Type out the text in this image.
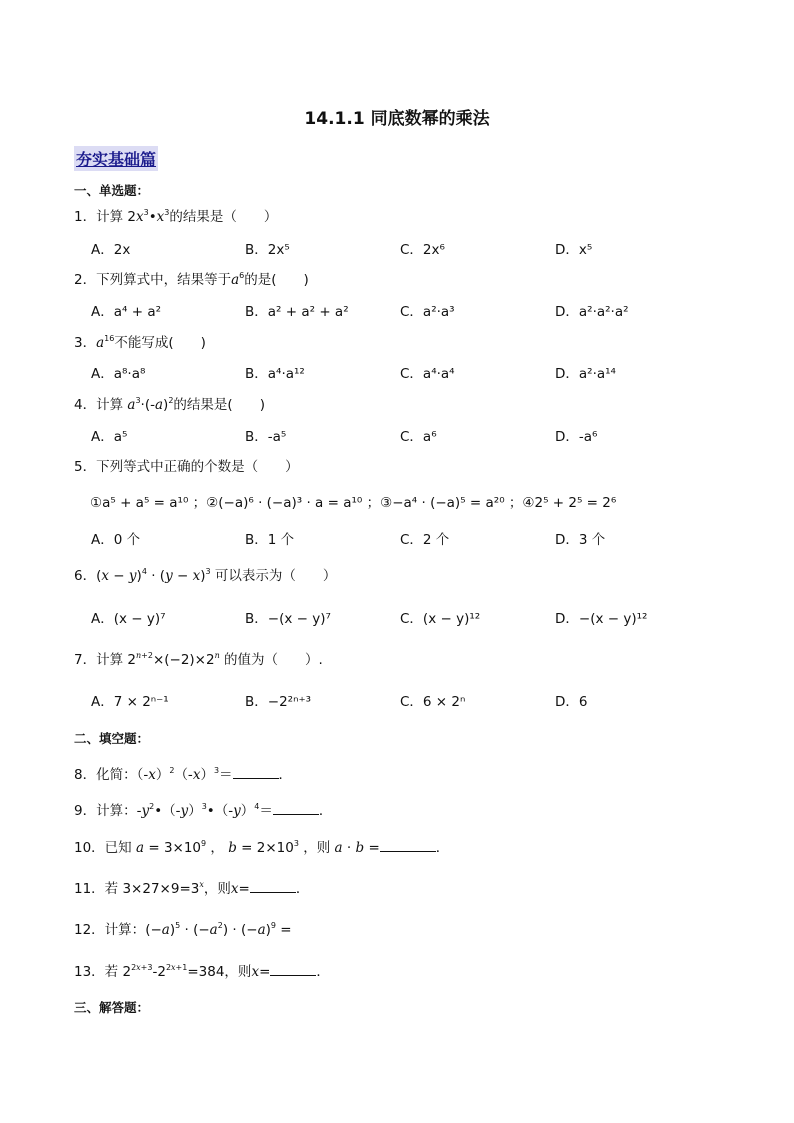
14.1.1 同底数幂的乘法
夯实基础篇
一、单选题：
1．计算 $2x^3•x^3$的结果是（　　）
A．2x	B．2x⁵	C．2x⁶	D．x⁵
2．下列算式中，结果等于$a^6$的是(　　)
A．a⁴ + a²	B．a² + a² + a²	C．a²·a³	D．a²·a²·a²
3．$a^{16}$不能写成(　　)
A．a⁸·a⁸	B．a⁴·a¹²	C．a⁴·a⁴	D．a²·a¹⁴
4．计算 $a^3\cdot(-a)^2$的结果是(　　)
A．a⁵	B．-a⁵	C．a⁶	D．-a⁶
5．下列等式中正确的个数是（　　）
①a⁵ + a⁵ = a¹⁰ ；②(−a)⁶ · (−a)³ · a = a¹⁰ ；③−a⁴ · (−a)⁵ = a²⁰ ；④2⁵ + 2⁵ = 2⁶
A．0 个	B．1 个	C．2 个	D．3 个
6．$(x - y)^4 \cdot (y - x)^3$ 可以表示为（　　）
A．(x − y)⁷	B．−(x − y)⁷	C．(x − y)¹²	D．−(x − y)¹²
7．计算 $2^{n+2}\times(-2)\times 2^n$ 的值为（　　）.
A．7 × 2ⁿ⁻¹	B．−2²ⁿ⁺³	C．6 × 2ⁿ	D．6
二、填空题：
8．化简：$(-x)^2(-x)^3=$	．
9．计算：$-y^2•(-y)^3•(-y)^4=$	．
10．已知 $a = 3\times 10^9$ ， $b = 2\times 10^3$ ，则 a · b =	．
11．若 $3\times 27\times 9=3^x$，则x=	．
12．计算：$(-a)^5 \cdot (-a^2) \cdot (-a)^9$ =
13．若 $2^{2x+3}-2^{2x+1}=384$，则x=	．
三、解答题：
